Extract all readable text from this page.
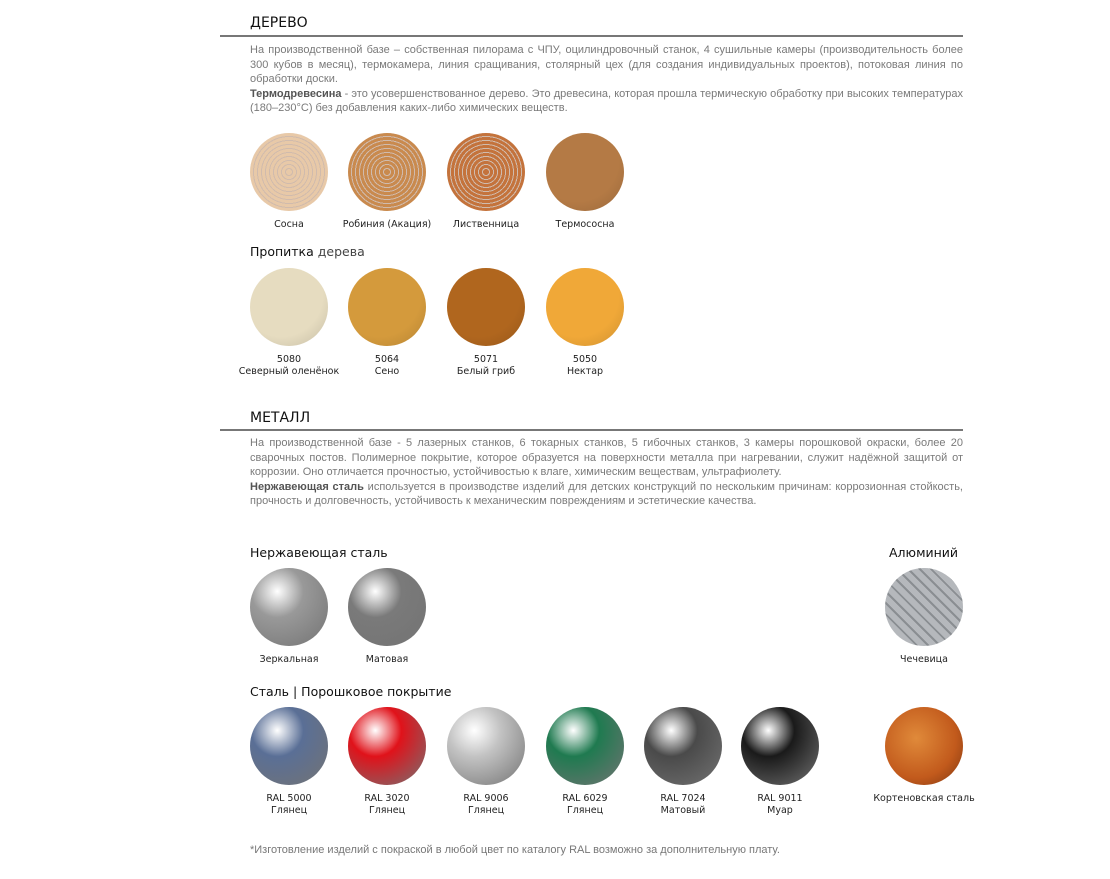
ДЕРЕВО
На производственной базе – собственная пилорама с ЧПУ, оцилиндровочный станок, 4 сушильные камеры (производительность более 300 кубов в месяц), термокамера, линия сращивания, столярный цех (для создания индивидуальных проектов), потоковая линия по обработки доски.
Термодревесина - это усовершенствованное дерево. Это древесина, которая прошла термическую обработку при высоких температурах (180–230°C) без добавления каких-либо химических веществ.
Пропитка дерева
МЕТАЛЛ
На производственной базе - 5 лазерных станков, 6 токарных станков, 5 гибочных станков, 3 камеры порошковой окраски, более 20 сварочных постов. Полимерное покрытие, которое образуется на поверхности металла при нагревании, служит надёжной защитой от коррозии. Оно отличается прочностью, устойчивостью к влаге, химическим веществам, ультрафиолету.
Нержавеющая сталь используется в производстве изделий для детских конструкций по нескольким причинам: коррозионная стойкость, прочность и долговечность, устойчивость к механическим повреждениям и эстетические качества.
Нержавеющая сталь	Алюминий
Сталь | Порошковое покрытие
*Изготовление изделий с покраской в любой цвет по каталогу RAL возможно за дополнительную плату.
Сосна	Робиния (Акация)	Лиственница	Термососна
5080
Северный оленёнок
5064
Сено
5071
Белый гриб
5050
Нектар
Зеркальная	Матовая	Чечевица
RAL 5000
Глянец
RAL 3020
Глянец
RAL 9006
Глянец
RAL 6029
Глянец
RAL 7024
Матовый
RAL 9011
Муар
Кортеновская сталь
